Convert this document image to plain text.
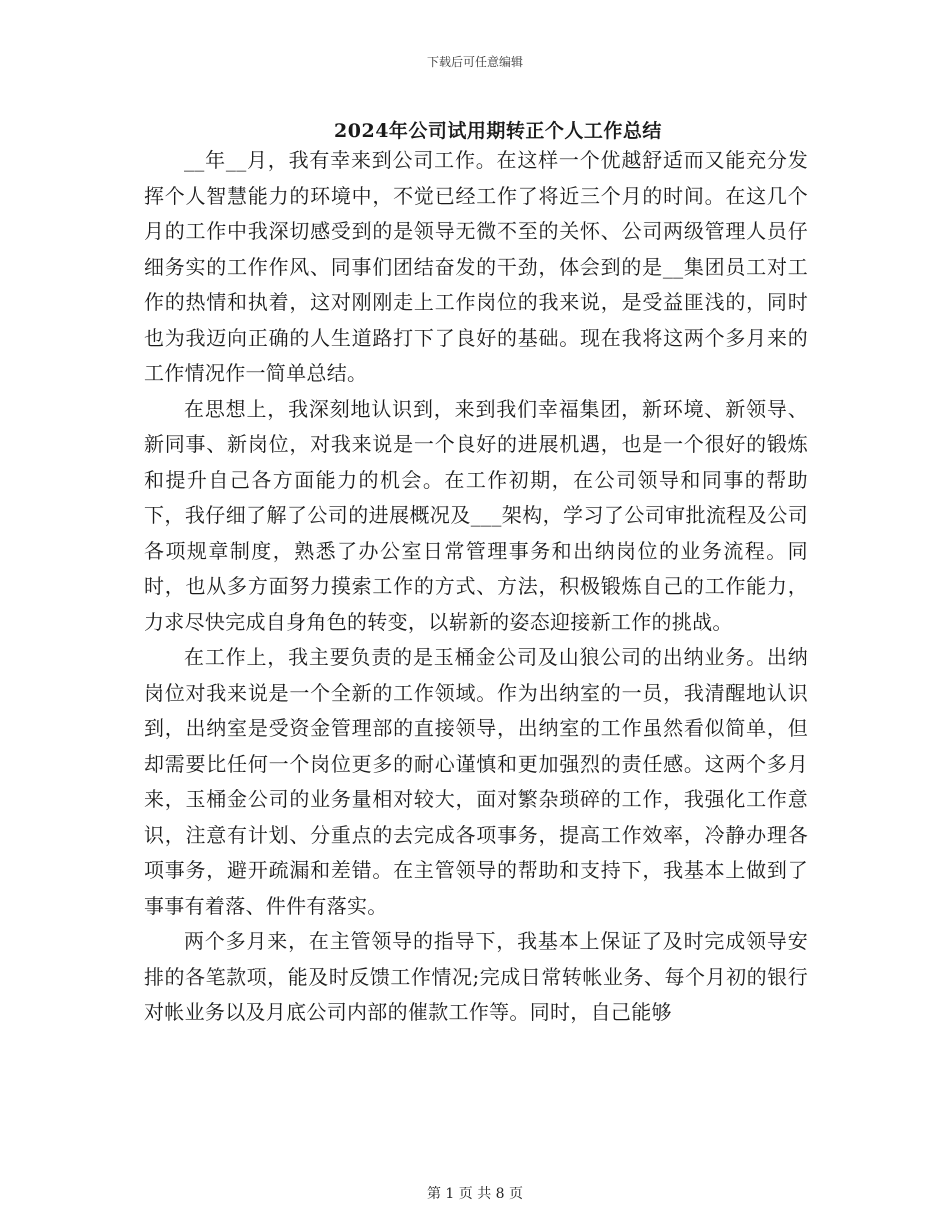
下载后可任意编辑
2024年公司试用期转正个人工作总结

__年__月，我有幸来到公司工作。在这样一个优越舒适而又能充分发挥个人智慧能力的环境中，不觉已经工作了将近三个月的时间。在这几个月的工作中我深切感受到的是领导无微不至的关怀、公司两级管理人员仔细务实的工作作风、同事们团结奋发的干劲，体会到的是__集团员工对工作的热情和执着，这对刚刚走上工作岗位的我来说，是受益匪浅的，同时也为我迈向正确的人生道路打下了良好的基础。现在我将这两个多月来的工作情况作一简单总结。

在思想上，我深刻地认识到，来到我们幸福集团，新环境、新领导、新同事、新岗位，对我来说是一个良好的进展机遇，也是一个很好的锻炼和提升自己各方面能力的机会。在工作初期，在公司领导和同事的帮助下，我仔细了解了公司的进展概况及___架构，学习了公司审批流程及公司各项规章制度，熟悉了办公室日常管理事务和出纳岗位的业务流程。同时，也从多方面努力摸索工作的方式、方法，积极锻炼自己的工作能力，力求尽快完成自身角色的转变，以崭新的姿态迎接新工作的挑战。

在工作上，我主要负责的是玉桶金公司及山狼公司的出纳业务。出纳岗位对我来说是一个全新的工作领域。作为出纳室的一员，我清醒地认识到，出纳室是受资金管理部的直接领导，出纳室的工作虽然看似简单，但却需要比任何一个岗位更多的耐心谨慎和更加强烈的责任感。这两个多月来，玉桶金公司的业务量相对较大，面对繁杂琐碎的工作，我强化工作意识，注意有计划、分重点的去完成各项事务，提高工作效率，冷静办理各项事务，避开疏漏和差错。在主管领导的帮助和支持下，我基本上做到了事事有着落、件件有落实。

两个多月来，在主管领导的指导下，我基本上保证了及时完成领导安排的各笔款项，能及时反馈工作情况;完成日常转帐业务、每个月初的银行对帐业务以及月底公司内部的催款工作等。同时，自己能够

第 1 页 共 8 页
